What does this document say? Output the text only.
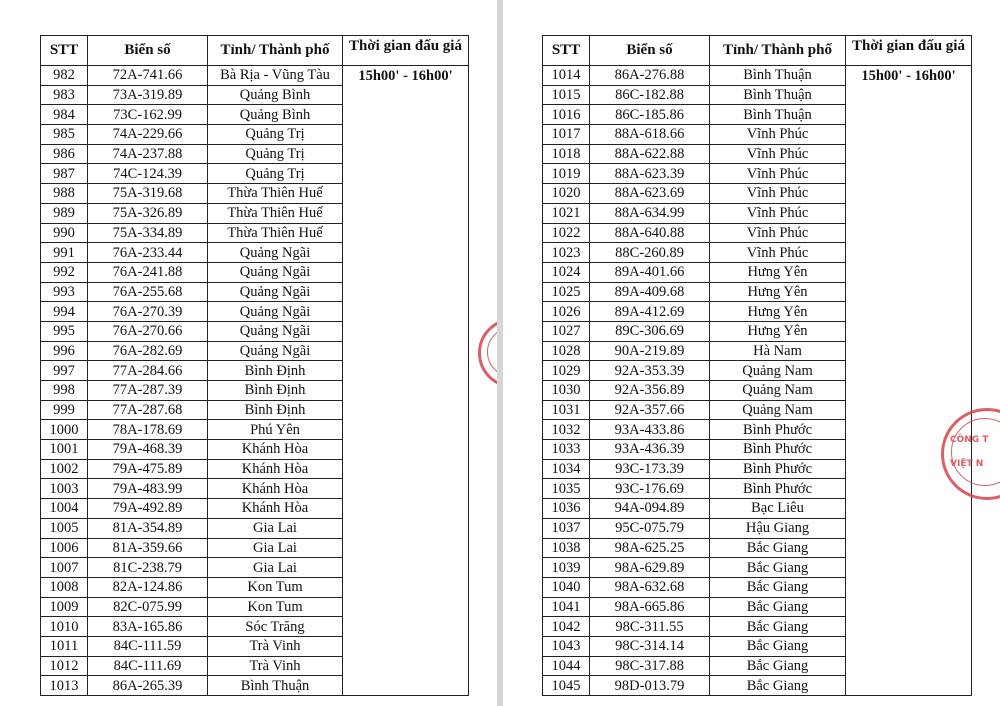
STT	Biển số	Tỉnh/ Thành phố	Thời gian đấu giá
982	72A-741.66	Bà Rịa - Vũng Tàu	15h00' - 16h00'
983	73A-319.89	Quảng Bình	
984	73C-162.99	Quảng Bình	
985	74A-229.66	Quảng Trị	
986	74A-237.88	Quảng Trị	
987	74C-124.39	Quảng Trị	
988	75A-319.68	Thừa Thiên Huế	
989	75A-326.89	Thừa Thiên Huế	
990	75A-334.89	Thừa Thiên Huế	
991	76A-233.44	Quảng Ngãi	
992	76A-241.88	Quảng Ngãi	
993	76A-255.68	Quảng Ngãi	
994	76A-270.39	Quảng Ngãi	
995	76A-270.66	Quảng Ngãi	
996	76A-282.69	Quảng Ngãi	
997	77A-284.66	Bình Định	
998	77A-287.39	Bình Định	
999	77A-287.68	Bình Định	
1000	78A-178.69	Phú Yên	
1001	79A-468.39	Khánh Hòa	
1002	79A-475.89	Khánh Hòa	
1003	79A-483.99	Khánh Hòa	
1004	79A-492.89	Khánh Hòa	
1005	81A-354.89	Gia Lai	
1006	81A-359.66	Gia Lai	
1007	81C-238.79	Gia Lai	
1008	82A-124.86	Kon Tum	
1009	82C-075.99	Kon Tum	
1010	83A-165.86	Sóc Trăng	
1011	84C-111.59	Trà Vinh	
1012	84C-111.69	Trà Vinh	
1013	86A-265.39	Bình Thuận	
STT	Biển số	Tỉnh/ Thành phố	Thời gian đấu giá
1014	86A-276.88	Bình Thuận	15h00' - 16h00'
1015	86C-182.88	Bình Thuận	
1016	86C-185.86	Bình Thuận	
1017	88A-618.66	Vĩnh Phúc	
1018	88A-622.88	Vĩnh Phúc	
1019	88A-623.39	Vĩnh Phúc	
1020	88A-623.69	Vĩnh Phúc	
1021	88A-634.99	Vĩnh Phúc	
1022	88A-640.88	Vĩnh Phúc	
1023	88C-260.89	Vĩnh Phúc	
1024	89A-401.66	Hưng Yên	
1025	89A-409.68	Hưng Yên	
1026	89A-412.69	Hưng Yên	
1027	89C-306.69	Hưng Yên	
1028	90A-219.89	Hà Nam	
1029	92A-353.39	Quảng Nam	
1030	92A-356.89	Quảng Nam	
1031	92A-357.66	Quảng Nam	
1032	93A-433.86	Bình Phước	
1033	93A-436.39	Bình Phước	
1034	93C-173.39	Bình Phước	
1035	93C-176.69	Bình Phước	
1036	94A-094.89	Bạc Liêu	
1037	95C-075.79	Hậu Giang	
1038	98A-625.25	Bắc Giang	
1039	98A-629.89	Bắc Giang	
1040	98A-632.68	Bắc Giang	
1041	98A-665.86	Bắc Giang	
1042	98C-311.55	Bắc Giang	
1043	98C-314.14	Bắc Giang	
1044	98C-317.88	Bắc Giang	
1045	98D-013.79	Bắc Giang	
CÔNG T
VIỆT N
